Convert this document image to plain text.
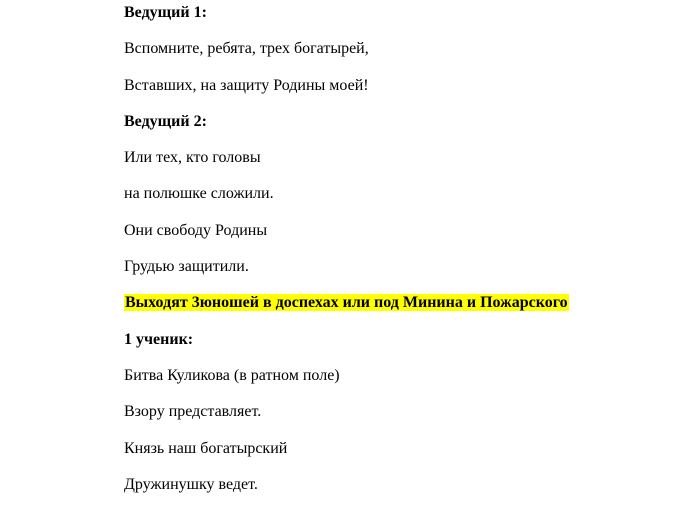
Ведущий 1:
Вспомните, ребята, трех богатырей,
Вставших, на защиту Родины моей!
Ведущий 2:
Или тех, кто головы
на полюшке сложили.
Они свободу Родины
Грудью защитили.
Выходят 3юношей в доспехах или под Минина и Пожарского
1 ученик:
Битва Куликова (в ратном поле)
Взору представляет.
Князь наш богатырский
Дружинушку ведет.
